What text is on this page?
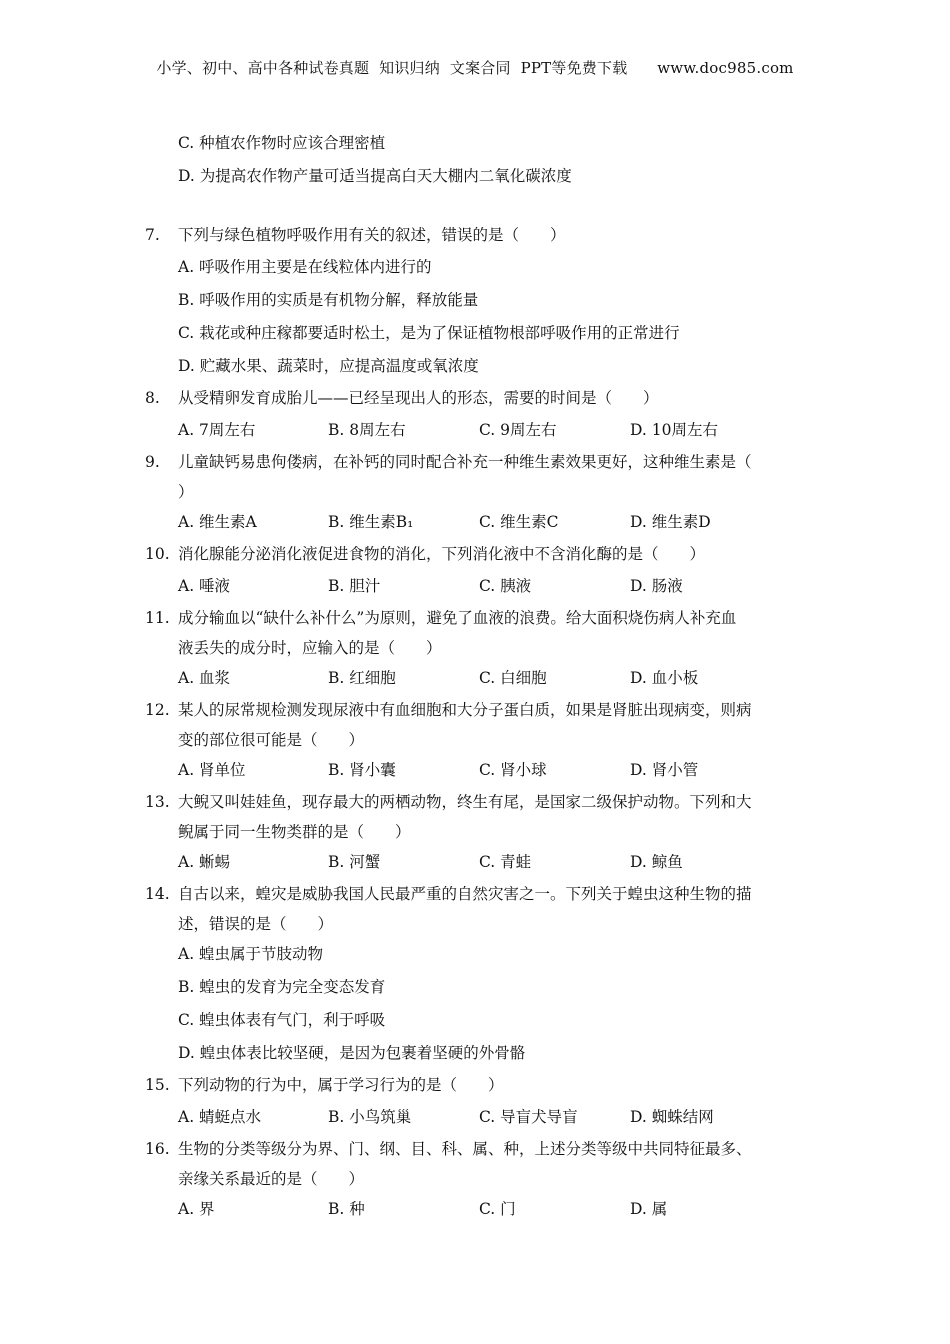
小学、初中、高中各种试卷真题  知识归纳  文案合同  PPT等免费下载      www.doc985.com
C. 种植农作物时应该合理密植
D. 为提高农作物产量可适当提高白天大棚内二氧化碳浓度
7. 下列与绿色植物呼吸作用有关的叙述，错误的是（　　）
A. 呼吸作用主要是在线粒体内进行的
B. 呼吸作用的实质是有机物分解，释放能量
C. 栽花或种庄稼都要适时松土，是为了保证植物根部呼吸作用的正常进行
D. 贮藏水果、蔬菜时，应提高温度或氧浓度
8. 从受精卵发育成胎儿——已经呈现出人的形态，需要的时间是（　　）
A. 7周左右	B. 8周左右	C. 9周左右	D. 10周左右
9. 儿童缺钙易患佝偻病，在补钙的同时配合补充一种维生素效果更好，这种维生素是（
）
A. 维生素A	B. 维生素B₁	C. 维生素C	D. 维生素D
10. 消化腺能分泌消化液促进食物的消化，下列消化液中不含消化酶的是（　　）
A. 唾液	B. 胆汁	C. 胰液	D. 肠液
11. 成分输血以“缺什么补什么”为原则，避免了血液的浪费。给大面积烧伤病人补充血
液丢失的成分时，应输入的是（　　）
A. 血浆	B. 红细胞	C. 白细胞	D. 血小板
12. 某人的尿常规检测发现尿液中有血细胞和大分子蛋白质，如果是肾脏出现病变，则病
变的部位很可能是（　　）
A. 肾单位	B. 肾小囊	C. 肾小球	D. 肾小管
13. 大鲵又叫娃娃鱼，现存最大的两栖动物，终生有尾，是国家二级保护动物。下列和大
鲵属于同一生物类群的是（　　）
A. 蜥蜴	B. 河蟹	C. 青蛙	D. 鲸鱼
14. 自古以来，蝗灾是威胁我国人民最严重的自然灾害之一。下列关于蝗虫这种生物的描
述，错误的是（　　）
A. 蝗虫属于节肢动物
B. 蝗虫的发育为完全变态发育
C. 蝗虫体表有气门，利于呼吸
D. 蝗虫体表比较坚硬，是因为包裹着坚硬的外骨骼
15. 下列动物的行为中，属于学习行为的是（　　）
A. 蜻蜓点水	B. 小鸟筑巢	C. 导盲犬导盲	D. 蜘蛛结网
16. 生物的分类等级分为界、门、纲、目、科、属、种，上述分类等级中共同特征最多、
亲缘关系最近的是（　　）
A. 界	B. 种	C. 门	D. 属
